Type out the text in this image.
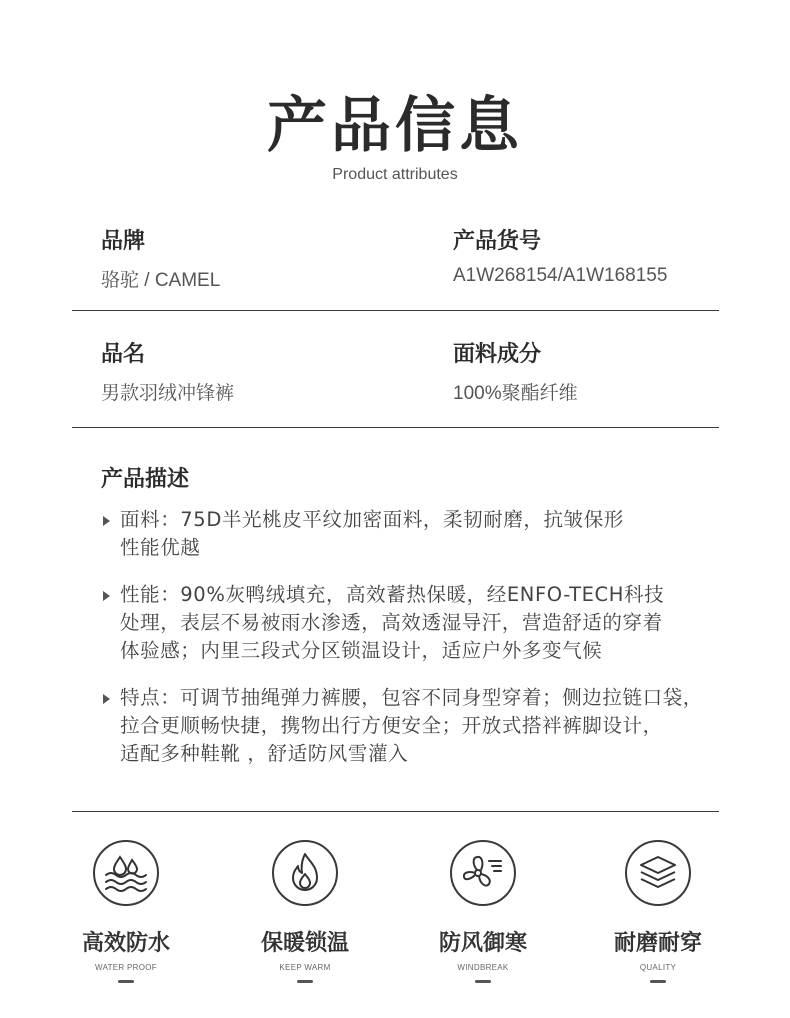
产品信息
Product attributes
品牌
骆驼 / CAMEL
产品货号
A1W268154/A1W168155
品名
男款羽绒冲锋裤
面料成分
100%聚酯纤维
产品描述
面料：75D半光桃皮平纹加密面料，柔韧耐磨，抗皱保形
性能优越
性能：90%灰鸭绒填充，高效蓄热保暖，经ENFO-TECH科技
处理，表层不易被雨水渗透，高效透湿导汗，营造舒适的穿着
体验感；内里三段式分区锁温设计，适应户外多变气候
特点：可调节抽绳弹力裤腰，包容不同身型穿着；侧边拉链口袋，
拉合更顺畅快捷，携物出行方便安全；开放式搭袢裤脚设计，
适配多种鞋靴 ，舒适防风雪灌入
高效防水
WATER PROOF
保暖锁温
KEEP WARM
防风御寒
WINDBREAK
耐磨耐穿
QUALITY
